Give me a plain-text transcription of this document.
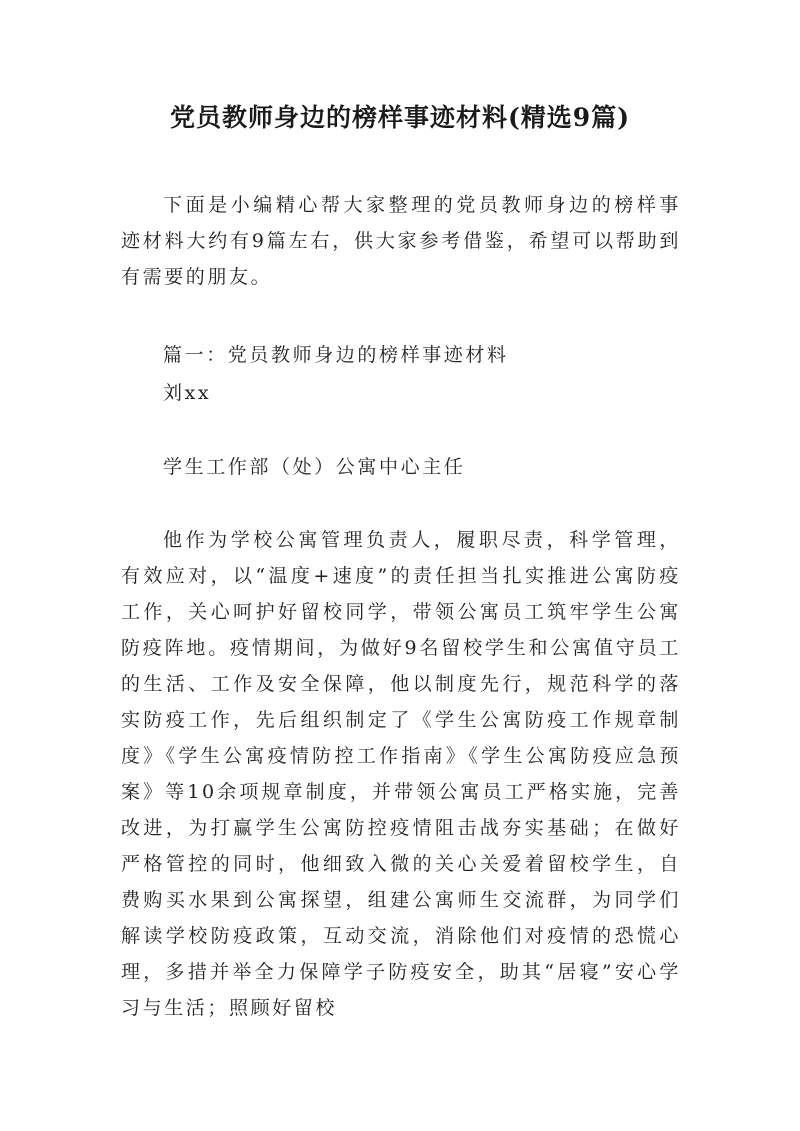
党员教师身边的榜样事迹材料(精选9篇)

下面是小编精心帮大家整理的党员教师身边的榜样事迹材料大约有9篇左右，供大家参考借鉴，希望可以帮助到有需要的朋友。

篇一：党员教师身边的榜样事迹材料

刘xx

学生工作部（处）公寓中心主任

他作为学校公寓管理负责人，履职尽责，科学管理，有效应对，以“温度+速度”的责任担当扎实推进公寓防疫工作，关心呵护好留校同学，带领公寓员工筑牢学生公寓防疫阵地。疫情期间，为做好9名留校学生和公寓值守员工的生活、工作及安全保障，他以制度先行，规范科学的落实防疫工作，先后组织制定了《学生公寓防疫工作规章制度》《学生公寓疫情防控工作指南》《学生公寓防疫应急预案》等10余项规章制度，并带领公寓员工严格实施，完善改进，为打赢学生公寓防控疫情阻击战夯实基础；在做好严格管控的同时，他细致入微的关心关爱着留校学生，自费购买水果到公寓探望，组建公寓师生交流群，为同学们解读学校防疫政策，互动交流，消除他们对疫情的恐慌心理，多措并举全力保障学子防疫安全，助其“居寝”安心学习与生活；照顾好留校
